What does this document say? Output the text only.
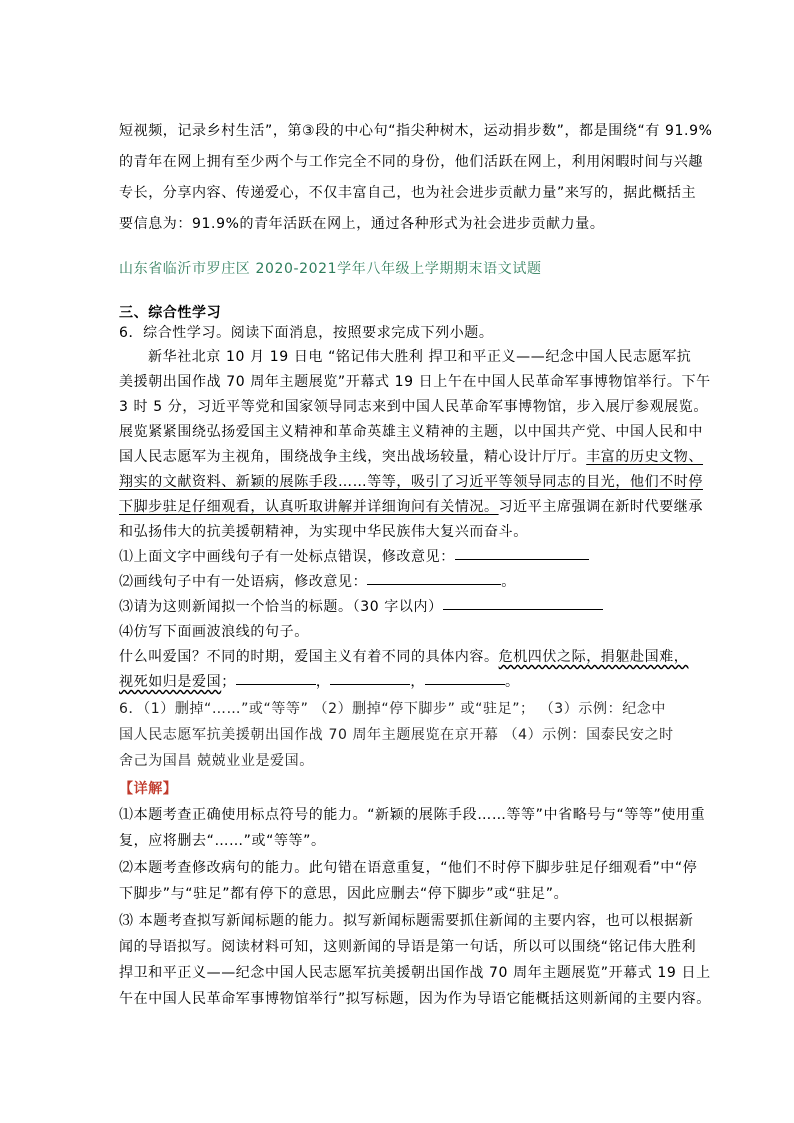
短视频，记录乡村生活”，第③段的中心句“指尖种树木，运动捐步数”，都是围绕“有 91.9%
的青年在网上拥有至少两个与工作完全不同的身份，他们活跃在网上，利用闲暇时间与兴趣
专长，分享内容、传递爱心，不仅丰富自己，也为社会进步贡献力量”来写的，据此概括主
要信息为：91.9%的青年活跃在网上，通过各种形式为社会进步贡献力量。
山东省临沂市罗庄区 2020-2021学年八年级上学期期末语文试题
三、综合性学习
6．综合性学习。阅读下面消息，按照要求完成下列小题。
新华社北京 10 月 19 日电 “铭记伟大胜利 捍卫和平正义——纪念中国人民志愿军抗
美援朝出国作战 70 周年主题展览”开幕式 19 日上午在中国人民革命军事博物馆举行。下午
3 时 5 分，习近平等党和国家领导同志来到中国人民革命军事博物馆，步入展厅参观展览。
展览紧紧围绕弘扬爱国主义精神和革命英雄主义精神的主题，以中国共产党、中国人民和中
国人民志愿军为主视角，围绕战争主线，突出战场较量，精心设计厅厅。丰富的历史文物、
翔实的文献资料、新颖的展陈手段……等等，吸引了习近平等领导同志的目光，他们不时停
下脚步驻足仔细观看，认真听取讲解并详细询问有关情况。习近平主席强调在新时代要继承
和弘扬伟大的抗美援朝精神，为实现中华民族伟大复兴而奋斗。
⑴上面文字中画线句子有一处标点错误，修改意见：
⑵画线句子中有一处语病，修改意见：	。
⑶请为这则新闻拟一个恰当的标题。（30 字以内）
⑷仿写下面画波浪线的句子。
什么叫爱国？不同的时期，爱国主义有着不同的具体内容。危机四伏之际，捐躯赴国难，
视死如归是爱国；	，	，	。
6．（1）删掉“……”或“等等” （2）删掉“停下脚步” 或“驻足”； （3）示例：纪念中
国人民志愿军抗美援朝出国作战 70 周年主题展览在京开幕 （4）示例：国泰民安之时
舍己为国昌 兢兢业业是爱国。
【详解】
⑴本题考查正确使用标点符号的能力。“新颖的展陈手段……等等”中省略号与“等等”使用重
复，应将删去“……”或“等等”。
⑵本题考查修改病句的能力。此句错在语意重复，“他们不时停下脚步驻足仔细观看”中“停
下脚步”与“驻足”都有停下的意思，因此应删去“停下脚步”或“驻足”。
⑶ 本题考查拟写新闻标题的能力。拟写新闻标题需要抓住新闻的主要内容，也可以根据新
闻的导语拟写。阅读材料可知，这则新闻的导语是第一句话，所以可以围绕“铭记伟大胜利
捍卫和平正义——纪念中国人民志愿军抗美援朝出国作战 70 周年主题展览”开幕式 19 日上
午在中国人民革命军事博物馆举行”拟写标题，因为作为导语它能概括这则新闻的主要内容。
